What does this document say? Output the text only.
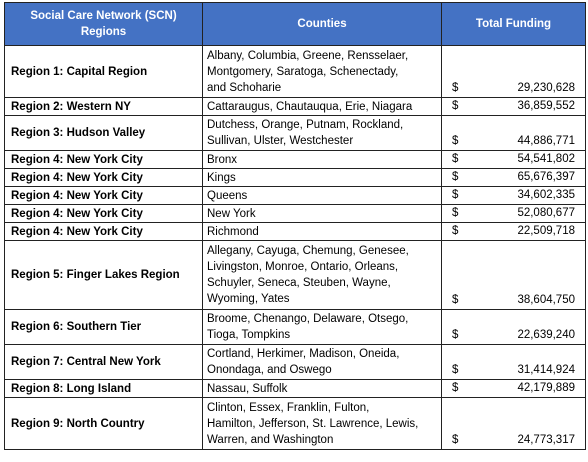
Social Care Network (SCN) Regions	Counties	Total Funding
Region 1: Capital Region	Albany, Columbia, Greene, Rensselaer,
Montgomery, Saratoga, Schenectady,
and Schoharie	$ 29,230,628

Region 2: Western NY	Cattaraugus, Chautauqua, Erie, Niagara	$ 36,859,552

Region 3: Hudson Valley	Dutchess, Orange, Putnam, Rockland,
Sullivan, Ulster, Westchester	$ 44,886,771

Region 4: New York City	Bronx	$ 54,541,802

Region 4: New York City	Kings	$ 65,676,397

Region 4: New York City	Queens	$ 34,602,335

Region 4: New York City	New York	$ 52,080,677

Region 4: New York City	Richmond	$ 22,509,718

Region 5: Finger Lakes Region	Allegany, Cayuga, Chemung, Genesee,
Livingston, Monroe, Ontario, Orleans,
Schuyler, Seneca, Steuben, Wayne,
Wyoming, Yates	$ 38,604,750

Region 6: Southern Tier	Broome, Chenango, Delaware, Otsego,
Tioga, Tompkins	$ 22,639,240

Region 7: Central New York	Cortland, Herkimer, Madison, Oneida,
Onondaga, and Oswego	$ 31,414,924

Region 8: Long Island	Nassau, Suffolk	$ 42,179,889

Region 9: North Country	Clinton, Essex, Franklin, Fulton,
Hamilton, Jefferson, St. Lawrence, Lewis,
Warren, and Washington	$ 24,773,317
